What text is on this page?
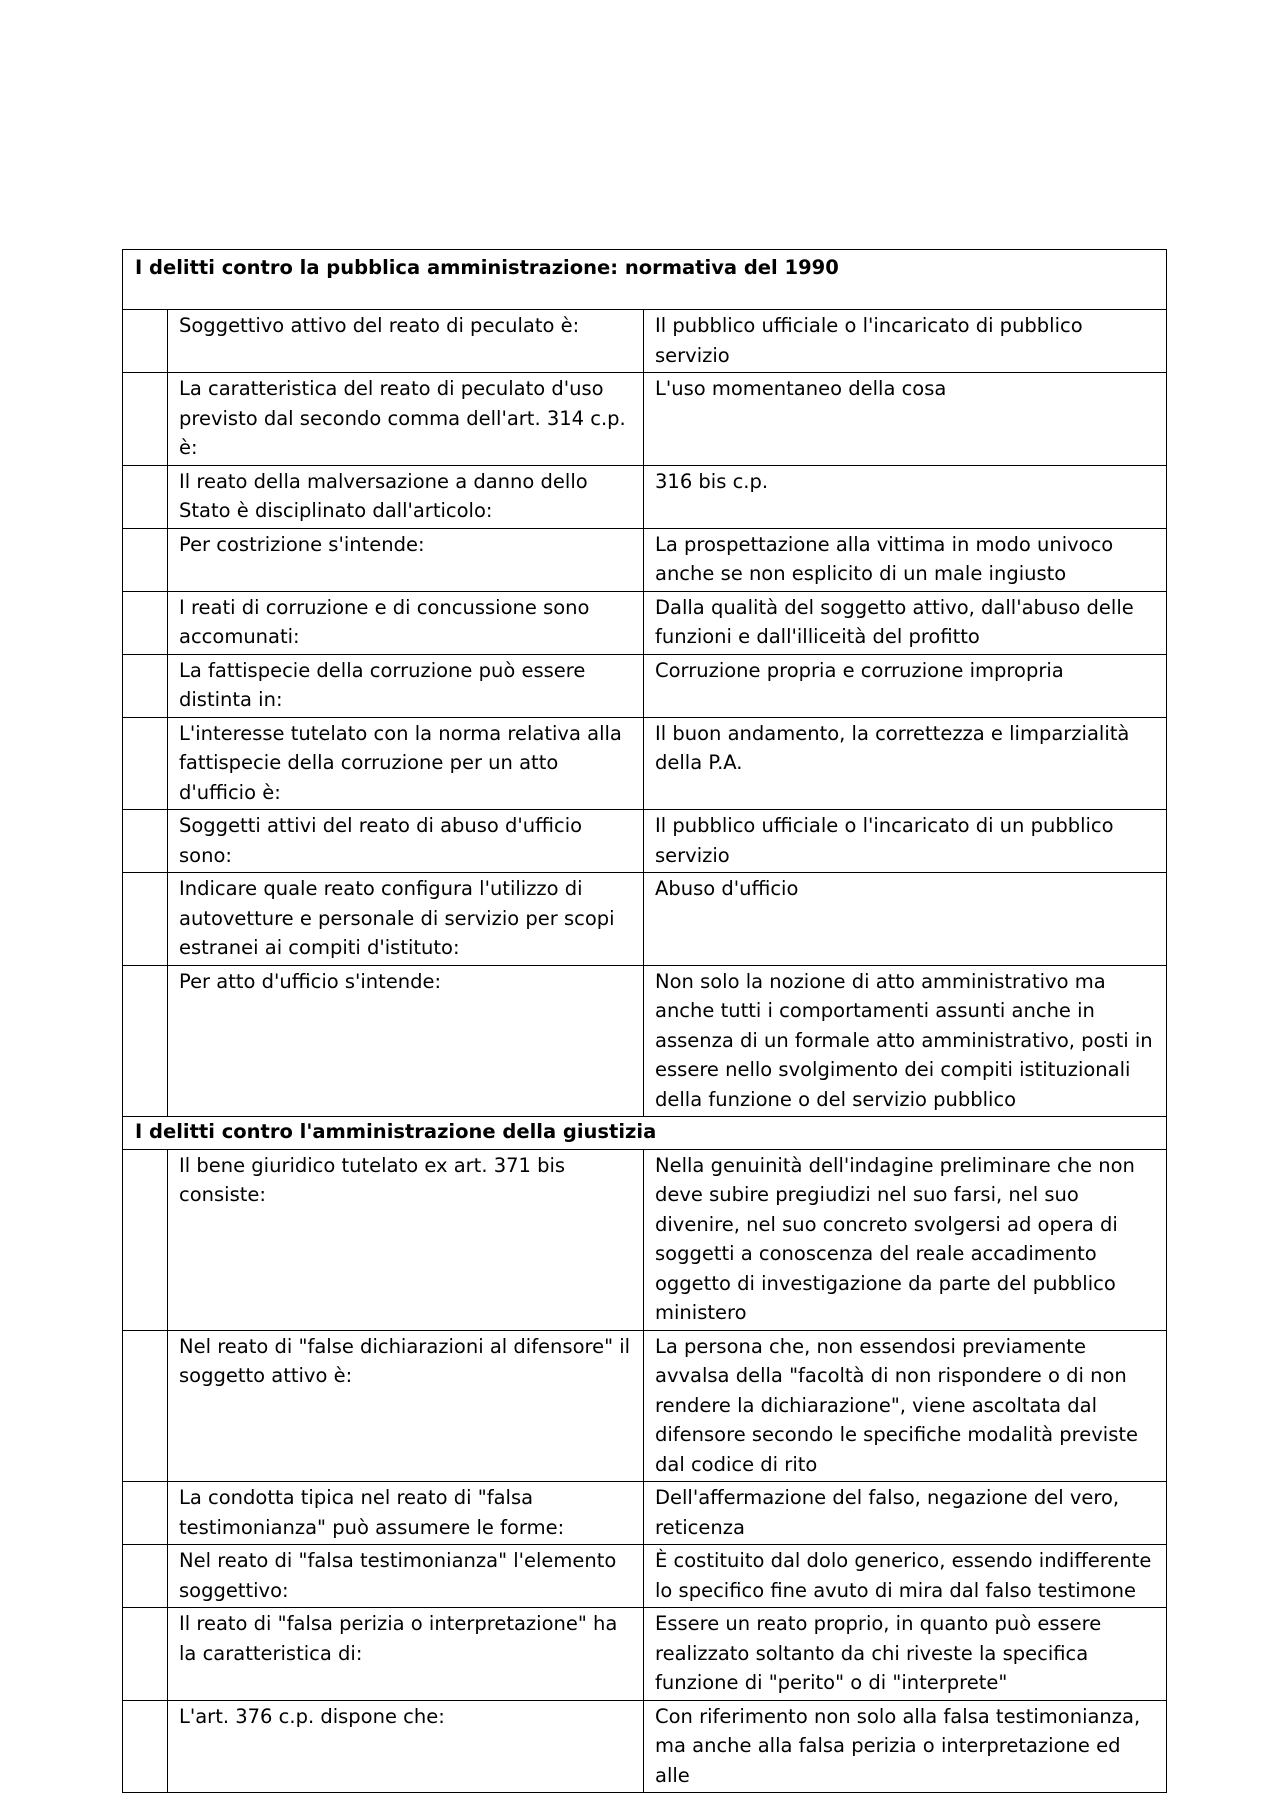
I delitti contro la pubblica amministrazione: normativa del 1990		
	Soggettivo attivo del reato di peculato è:	Il pubblico ufficiale o l'incaricato di pubblico servizio
	La caratteristica del reato di peculato d'uso previsto dal secondo comma dell'art. 314 c.p. è:	L'uso momentaneo della cosa
	Il reato della malversazione a danno dello Stato è disciplinato dall'articolo:	316 bis c.p.
	Per costrizione s'intende:	La prospettazione alla vittima in modo univoco anche se non esplicito di un male ingiusto
	I reati di corruzione e di concussione sono accomunati:	Dalla qualità del soggetto attivo, dall'abuso delle funzioni e dall'illiceità del profitto
	La fattispecie della corruzione può essere distinta in:	Corruzione propria e corruzione impropria
	L'interesse tutelato con la norma relativa alla fattispecie della corruzione per un atto d'ufficio è:	Il buon andamento, la correttezza e limparzialità della P.A.
	Soggetti attivi del reato di abuso d'ufficio sono:	Il pubblico ufficiale o l'incaricato di un pubblico servizio
	Indicare quale reato configura l'utilizzo di autovetture e personale di servizio per scopi estranei ai compiti d'istituto:	Abuso d'ufficio
	Per atto d'ufficio s'intende:	Non solo la nozione di atto amministrativo ma anche tutti i comportamenti assunti anche in assenza di un formale atto amministrativo, posti in essere nello svolgimento dei compiti istituzionali della funzione o del servizio pubblico
I delitti contro l'amministrazione della giustizia		
	Il bene giuridico tutelato ex art. 371 bis consiste:	Nella genuinità dell'indagine preliminare che non deve subire pregiudizi nel suo farsi, nel suo divenire, nel suo concreto svolgersi ad opera di soggetti a conoscenza del reale accadimento oggetto di investigazione da parte del pubblico ministero
	Nel reato di "false dichiarazioni al difensore" il soggetto attivo è:	La persona che, non essendosi previamente avvalsa della "facoltà di non rispondere o di non rendere la dichiarazione", viene ascoltata dal difensore secondo le specifiche modalità previste dal codice di rito
	La condotta tipica nel reato di "falsa testimonianza" può assumere le forme:	Dell'affermazione del falso, negazione del vero, reticenza
	Nel reato di "falsa testimonianza" l'elemento soggettivo:	È costituito dal dolo generico, essendo indifferente lo specifico fine avuto di mira dal falso testimone
	Il reato di "falsa perizia o interpretazione" ha la caratteristica di:	Essere un reato proprio, in quanto può essere realizzato soltanto da chi riveste la specifica funzione di "perito" o di "interprete"
	L'art. 376 c.p. dispone che:	Con riferimento non solo alla falsa testimonianza, ma anche alla falsa perizia o interpretazione ed alle
